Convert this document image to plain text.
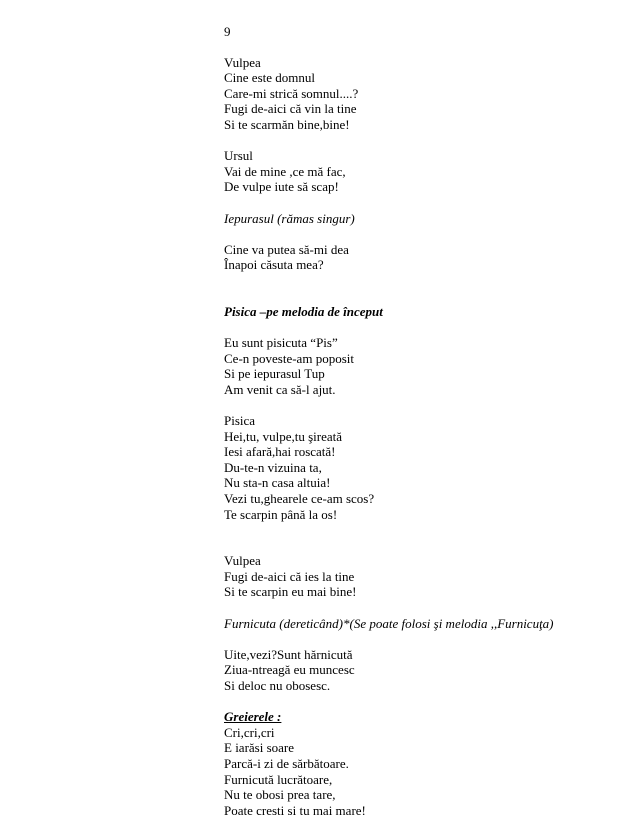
9
Vulpea
Cine este domnul
Care-mi strică somnul....?
Fugi de-aici că vin la tine
Si te scarmăn bine,bine!
Ursul
Vai de mine ,ce mă fac,
De vulpe iute să scap!
Iepurasul (rămas singur)
Cine va putea să-mi dea
Înapoi căsuta mea?
Pisica –pe melodia de început
Eu sunt pisicuta “Pis”
Ce-n poveste-am poposit
Si pe iepurasul Tup
Am venit ca să-l ajut.
Pisica
Hei,tu, vulpe,tu şireată
Iesi afară,hai roscată!
Du-te-n vizuina ta,
Nu sta-n casa altuia!
Vezi tu,ghearele ce-am scos?
Te scarpin până la os!
Vulpea
Fugi de-aici că ies la tine
Si te scarpin eu mai bine!
Furnicuta (dereticând)*(Se poate folosi şi melodia ,,Furnicuţa)
Uite,vezi?Sunt hărnicută
Ziua-ntreagă eu muncesc
Si deloc nu obosesc.
Greierele :
Cri,cri,cri
E iarăsi soare
Parcă-i zi de sărbătoare.
Furnicută lucrătoare,
Nu te obosi prea tare,
Poate cresti si tu mai mare!
